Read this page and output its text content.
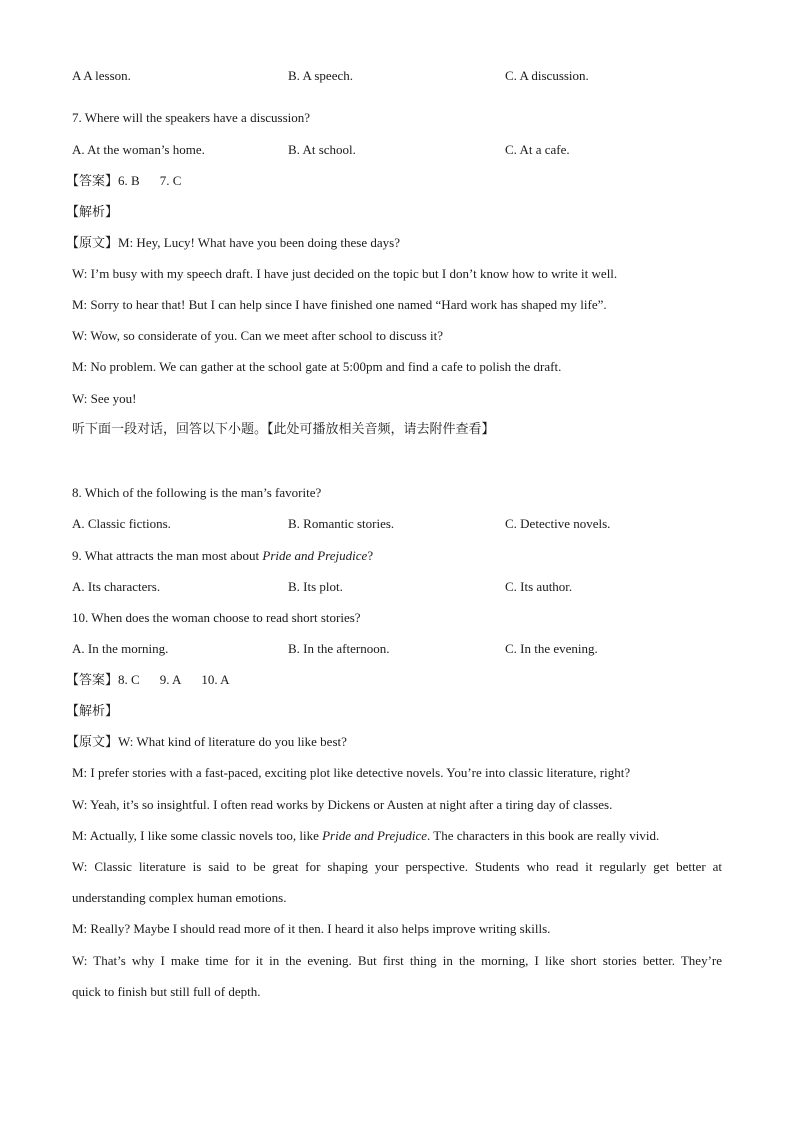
A A lesson.	B. A speech.	C. A discussion.
7. Where will the speakers have a discussion?
A. At the woman’s home.	B. At school.	C. At a cafe.
【答案】6. B 7. C
【解析】
【原文】M: Hey, Lucy! What have you been doing these days?
W: I’m busy with my speech draft. I have just decided on the topic but I don’t know how to write it well.
M: Sorry to hear that! But I can help since I have finished one named “Hard work has shaped my life”.
W: Wow, so considerate of you. Can we meet after school to discuss it?
M: No problem. We can gather at the school gate at 5:00pm and find a cafe to polish the draft.
W: See you!
听下面一段对话，回答以下小题。【此处可播放相关音频，请去附件查看】
8. Which of the following is the man’s favorite?
A. Classic fictions.	B. Romantic stories.	C. Detective novels.
9. What attracts the man most about Pride and Prejudice?
A. Its characters.	B. Its plot.	C. Its author.
10. When does the woman choose to read short stories?
A. In the morning.	B. In the afternoon.	C. In the evening.
【答案】8. C 9. A 10. A
【解析】
【原文】W: What kind of literature do you like best?
M: I prefer stories with a fast-paced, exciting plot like detective novels. You’re into classic literature, right?
W: Yeah, it’s so insightful. I often read works by Dickens or Austen at night after a tiring day of classes.
M: Actually, I like some classic novels too, like Pride and Prejudice. The characters in this book are really vivid.
W: Classic literature is said to be great for shaping your perspective. Students who read it regularly get better at
understanding complex human emotions.
M: Really? Maybe I should read more of it then. I heard it also helps improve writing skills.
W: That’s why I make time for it in the evening. But first thing in the morning, I like short stories better. They’re
quick to finish but still full of depth.
